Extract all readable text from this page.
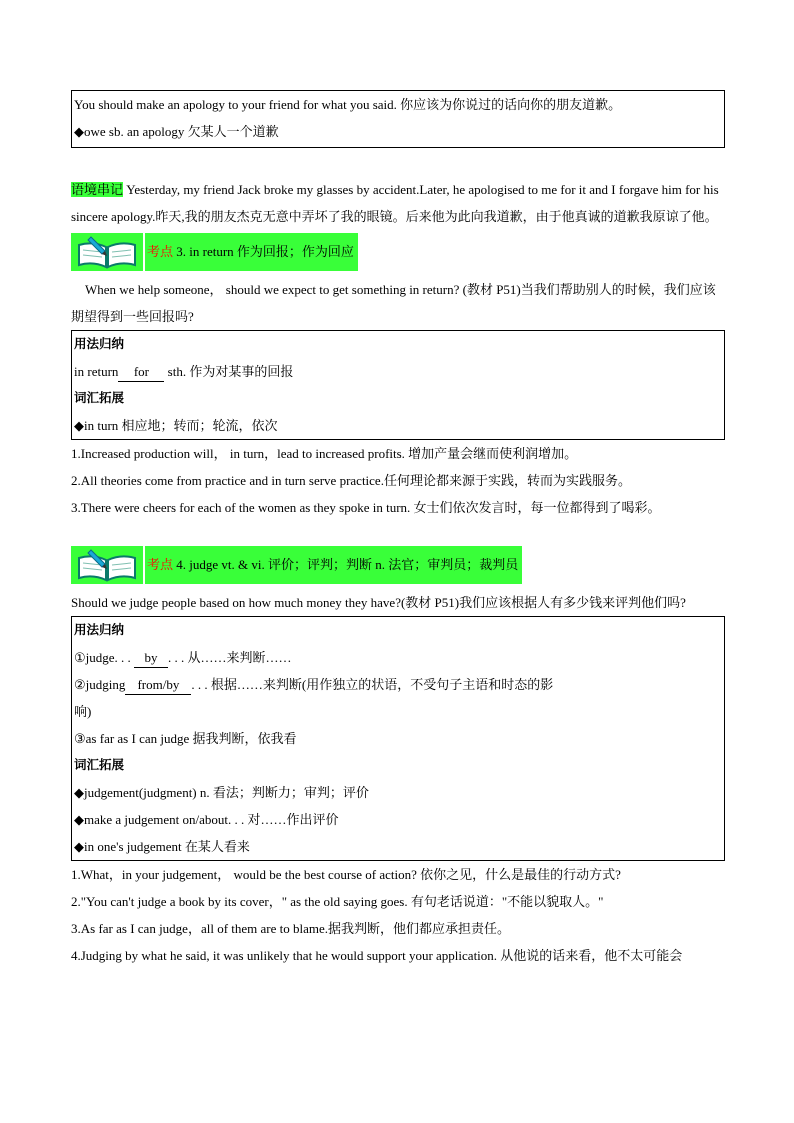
You should make an apology to your friend for what you said. 你应该为你说过的话向你的朋友道歉。
◆owe sb. an apology 欠某人一个道歉

语境串记 Yesterday, my friend Jack broke my glasses by accident.Later, he apologised to me for it and I forgave him for his sincere apology.昨天,我的朋友杰克无意中弄坏了我的眼镜。后来他为此向我道歉，由于他真诚的道歉我原谅了他。

考点 3. in return 作为回报；作为回应

When we help someone， should we expect to get something in return? (教材 P51)当我们帮助别人的时候，我们应该期望得到一些回报吗?

用法归纳
in return for sth. 作为对某事的回报
词汇拓展
◆in turn 相应地；转而；轮流，依次
1.Increased production will， in turn，lead to increased profits. 增加产量会继而使利润增加。
2.All theories come from practice and in turn serve practice.任何理论都来源于实践，转而为实践服务。
3.There were cheers for each of the women as they spoke in turn. 女士们依次发言时，每一位都得到了喝彩。
考点 4. judge vt. & vi. 评价；评判；判断 n. 法官；审判员；裁判员

Should we judge people based on how much money they have?(教材 P51)我们应该根据人有多少钱来评判他们吗?

用法归纳
①judge. . . by . . . 从……来判断……
②judging from/by . . . 根据……来判断(用作独立的状语，不受句子主语和时态的影
响)
③as far as I can judge 据我判断，依我看
词汇拓展
◆judgement(judgment) n. 看法；判断力；审判；评价
◆make a judgement on/about. . . 对……作出评价
◆in one's judgement 在某人看来
1.What，in your judgement， would be the best course of action? 依你之见，什么是最佳的行动方式?
2."You can't judge a book by its cover，" as the old saying goes. 有句老话说道："不能以貌取人。"
3.As far as I can judge，all of them are to blame.据我判断，他们都应承担责任。
4.Judging by what he said, it was unlikely that he would support your application. 从他说的话来看，他不太可能会
